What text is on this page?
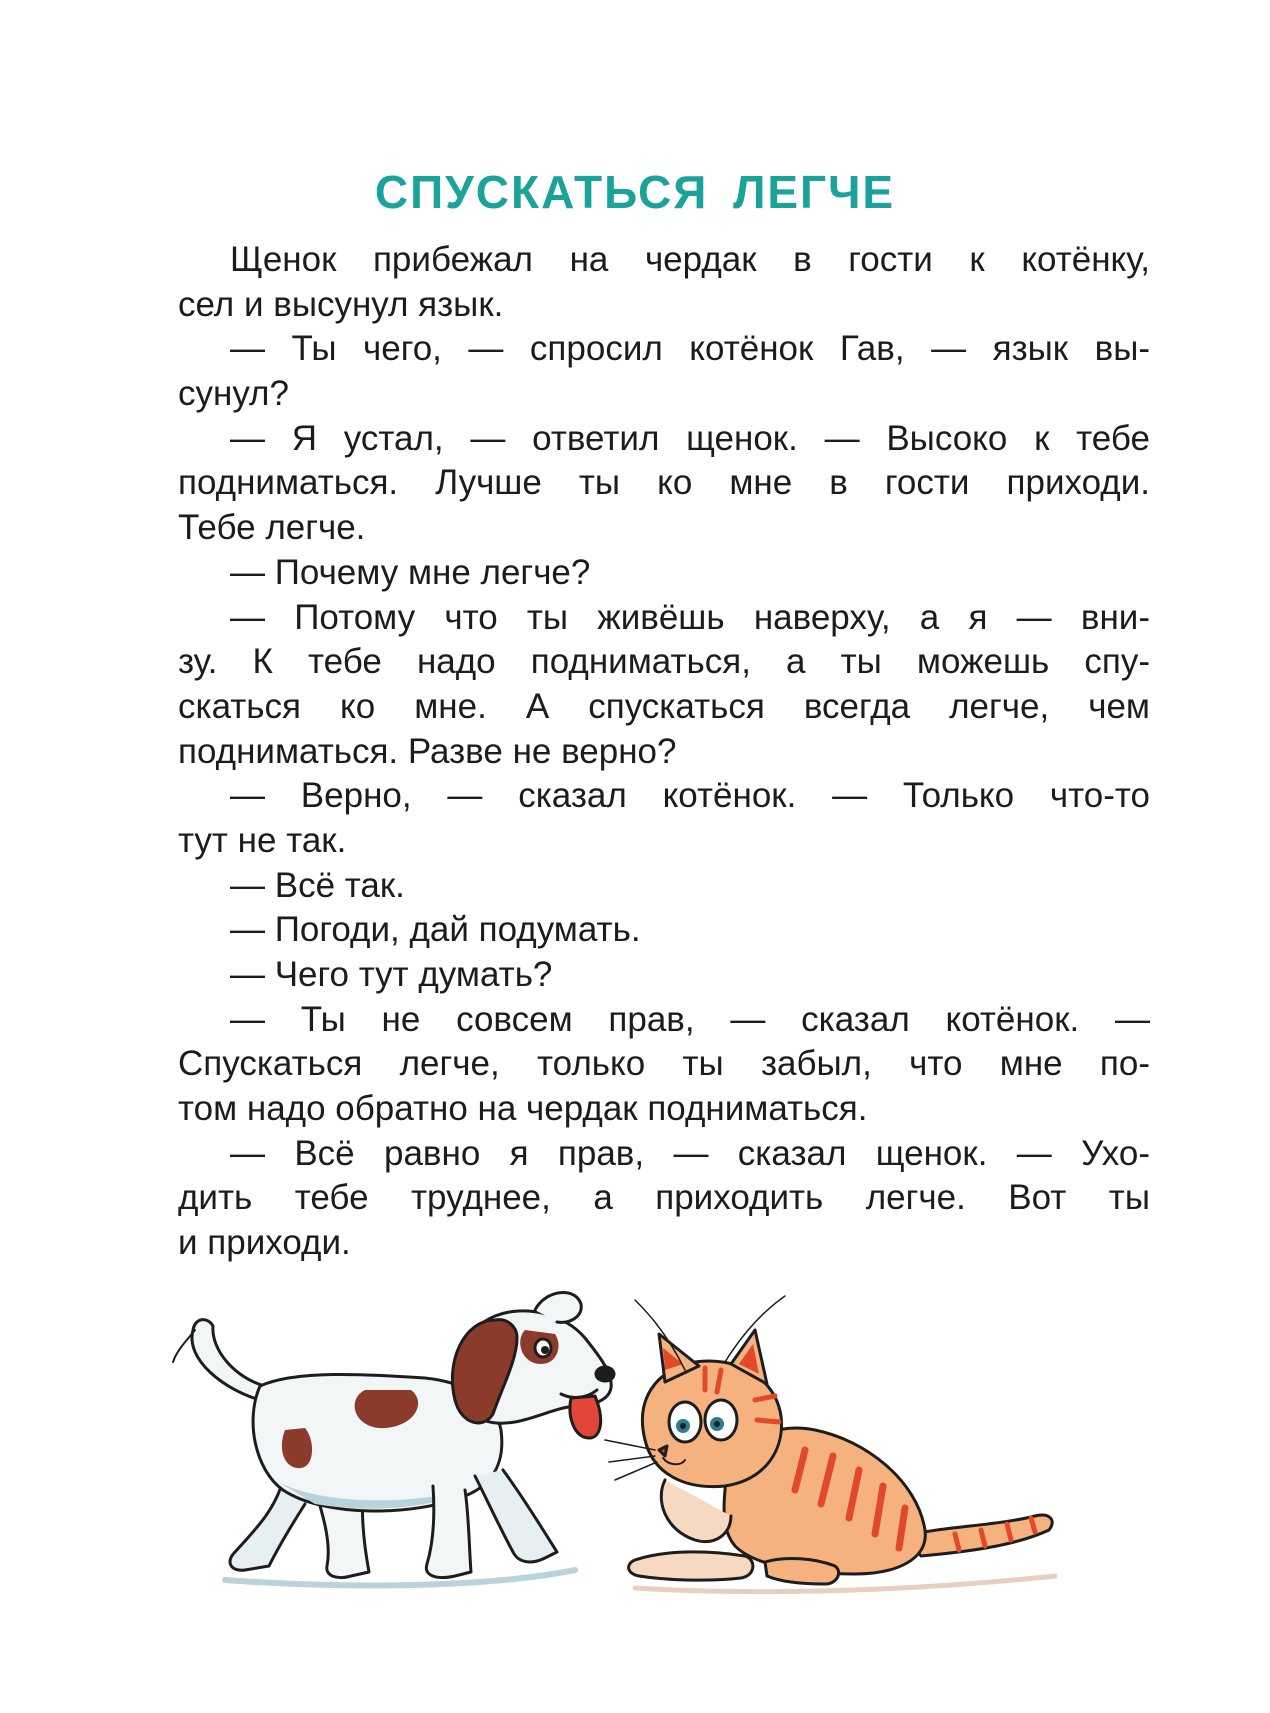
СПУСКАТЬСЯ ЛЕГЧЕ
Щенок прибежал на чердак в гости к котёнку,
сел и высунул язык.
— Ты чего, — спросил котёнок Гав, — язык вы-
сунул?
— Я устал, — ответил щенок. — Высоко к тебе
подниматься. Лучше ты ко мне в гости приходи.
Тебе легче.
— Почему мне легче?
— Потому что ты живёшь наверху, а я — вни-
зу. К тебе надо подниматься, а ты можешь спу-
скаться ко мне. А спускаться всегда легче, чем
подниматься. Разве не верно?
— Верно, — сказал котёнок. — Только что-то
тут не так.
— Всё так.
— Погоди, дай подумать.
— Чего тут думать?
— Ты не совсем прав, — сказал котёнок. —
Спускаться легче, только ты забыл, что мне по-
том надо обратно на чердак подниматься.
— Всё равно я прав, — сказал щенок. — Ухо-
дить тебе труднее, а приходить легче. Вот ты
и приходи.
